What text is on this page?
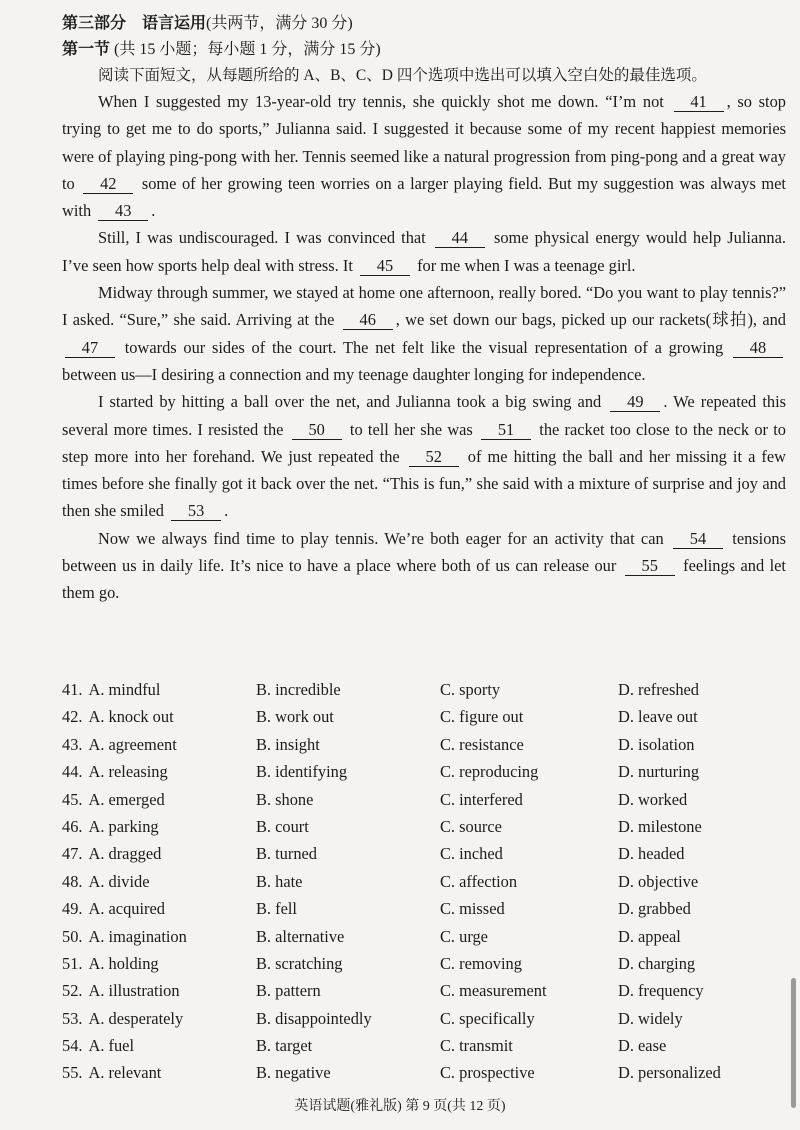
第三部分　语言运用(共两节，满分 30 分)
第一节 (共 15 小题；每小题 1 分，满分 15 分)
阅读下面短文，从每题所给的 A、B、C、D 四个选项中选出可以填入空白处的最佳选项。

When I suggested my 13-year-old try tennis, she quickly shot me down. “I’m not 41 , so stop trying to get me to do sports,” Julianna said. I suggested it because some of my recent happiest memories were of playing ping-pong with her. Tennis seemed like a natural progression from ping-pong and a great way to 42 some of her growing teen worries on a larger playing field. But my suggestion was always met with 43 .

Still, I was undiscouraged. I was convinced that 44 some physical energy would help Julianna. I’ve seen how sports help deal with stress. It 45 for me when I was a teenage girl.

Midway through summer, we stayed at home one afternoon, really bored. “Do you want to play tennis?” I asked. “Sure,” she said. Arriving at the 46 , we set down our bags, picked up our rackets(球拍), and 47 towards our sides of the court. The net felt like the visual representation of a growing 48 between us—I desiring a connection and my teenage daughter longing for independence.

I started by hitting a ball over the net, and Julianna took a big swing and 49 . We repeated this several more times. I resisted the 50 to tell her she was 51 the racket too close to the neck or to step more into her forehand. We just repeated the 52 of me hitting the ball and her missing it a few times before she finally got it back over the net. “This is fun,” she said with a mixture of surprise and joy and then she smiled 53 .

Now we always find time to play tennis. We’re both eager for an activity that can 54 tensions between us in daily life. It’s nice to have a place where both of us can release our 55 feelings and let them go.

41. A. mindful	B. incredible	C. sporty	D. refreshed
42. A. knock out	B. work out	C. figure out	D. leave out
43. A. agreement	B. insight	C. resistance	D. isolation
44. A. releasing	B. identifying	C. reproducing	D. nurturing
45. A. emerged	B. shone	C. interfered	D. worked
46. A. parking	B. court	C. source	D. milestone
47. A. dragged	B. turned	C. inched	D. headed
48. A. divide	B. hate	C. affection	D. objective
49. A. acquired	B. fell	C. missed	D. grabbed
50. A. imagination	B. alternative	C. urge	D. appeal
51. A. holding	B. scratching	C. removing	D. charging
52. A. illustration	B. pattern	C. measurement	D. frequency
53. A. desperately	B. disappointedly	C. specifically	D. widely
54. A. fuel	B. target	C. transmit	D. ease
55. A. relevant	B. negative	C. prospective	D. personalized
英语试题(雅礼版) 第 9 页(共 12 页)
